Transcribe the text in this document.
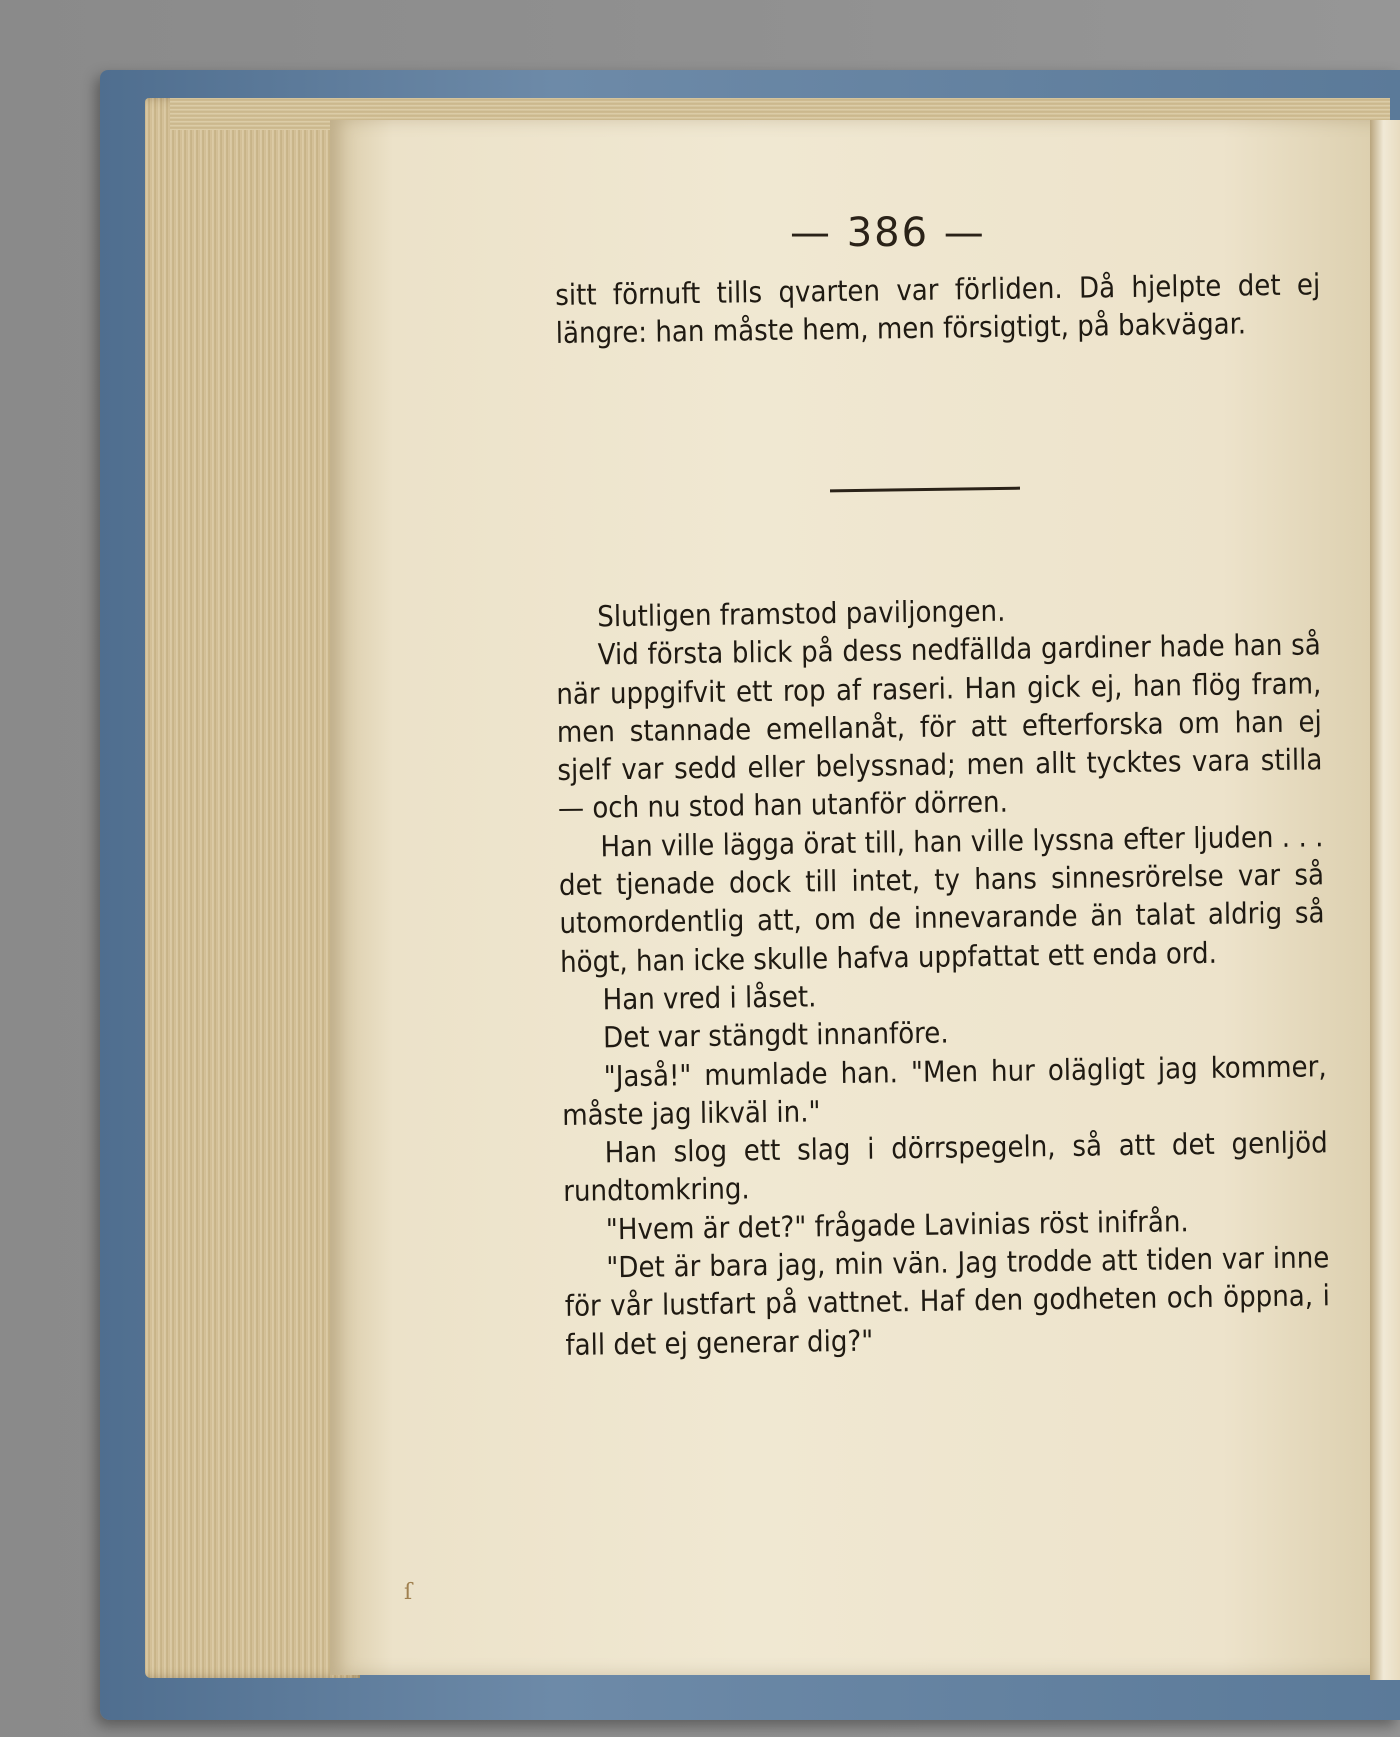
— 386 —

sitt förnuft tills qvarten var förliden. Då hjelpte det ej längre: han måste hem, men försigtigt, på bakvägar.

Slutligen framstod paviljongen.

Vid första blick på dess nedfällda gardiner hade han så när uppgifvit ett rop af raseri. Han gick ej, han flög fram, men stannade emellanåt, för att efterforska om han ej sjelf var sedd eller belyssnad; men allt tycktes vara stilla — och nu stod han utanför dörren.

Han ville lägga örat till, han ville lyssna efter ljuden . . . det tjenade dock till intet, ty hans sinnesrörelse var så utomordentlig att, om de innevarande än talat aldrig så högt, han icke skulle hafva uppfattat ett enda ord.

Han vred i låset.

Det var stängdt innanföre.

"Jaså!" mumlade han. "Men hur olägligt jag kommer, måste jag likväl in."

Han slog ett slag i dörrspegeln, så att det genljöd rundtomkring.

"Hvem är det?" frågade Lavinias röst inifrån.

"Det är bara jag, min vän. Jag trodde att tiden var inne för vår lustfart på vattnet. Haf den godheten och öppna, i fall det ej generar dig?"

ſ
